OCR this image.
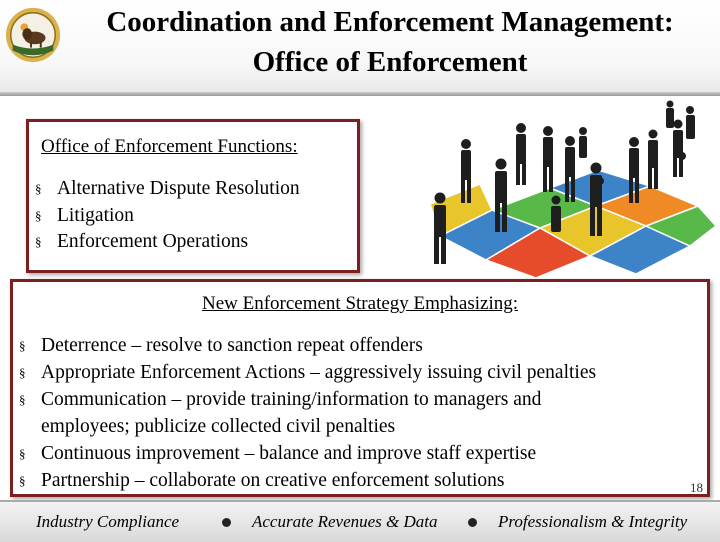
Coordination and Enforcement Management:
Office of Enforcement
Office of Enforcement Functions:
§ Alternative Dispute Resolution
§ Litigation
§ Enforcement Operations
New Enforcement Strategy Emphasizing:
§ Deterrence – resolve to sanction repeat offenders
§ Appropriate Enforcement Actions – aggressively issuing civil penalties
§ Communication – provide training/information to managers and
employees; publicize collected civil penalties
§ Continuous improvement – balance and improve staff expertise
§ Partnership – collaborate on creative enforcement solutions	18
Industry Compliance	Accurate Revenues & Data	Professionalism & Integrity
